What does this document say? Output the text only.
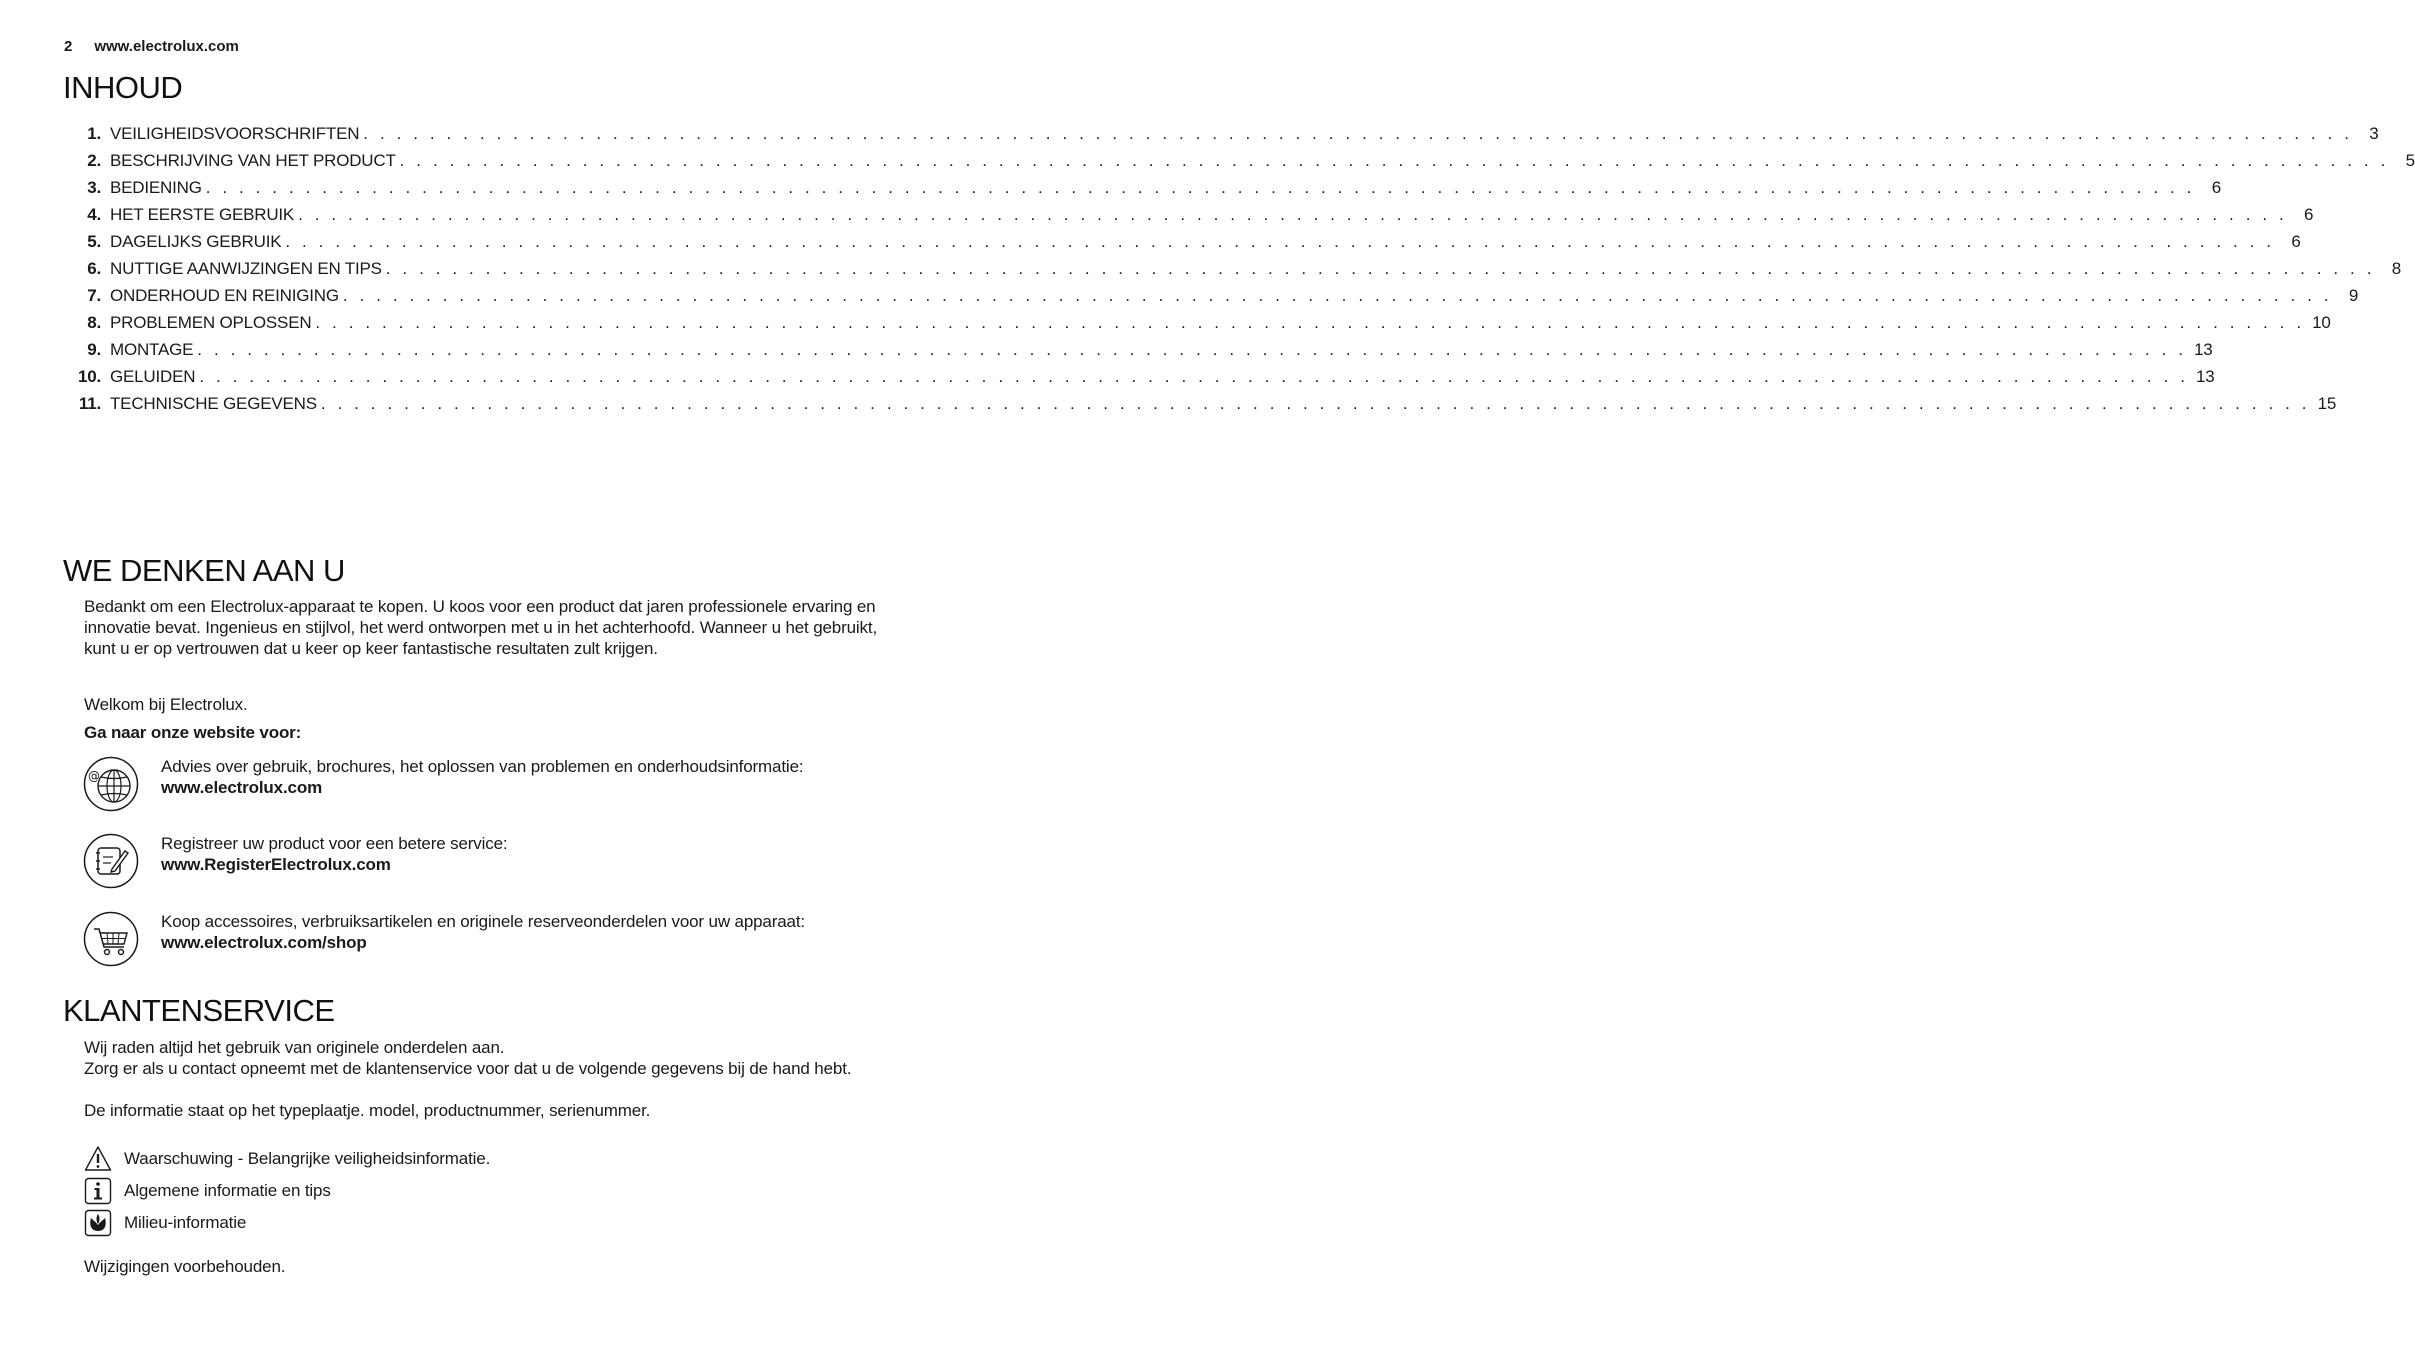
2 www.electrolux.com
INHOUD
1. VEILIGHEIDSVOORSCHRIFTEN . . . . . . . . . . . . . . . . . . . . . . . . . . . . . . . . . . . . . . . . . . . . . . . . . . . . . . . . . . . . . . . . . . . . . . . . . . . . . . . . . . . . . . . . . . . . . . . . . . . . . . . . . . . . . . . . . . . . . . . . 3
2. BESCHRIJVING VAN HET PRODUCT . . . . . . . . . . . . . . . . . . . . . . . . . . . . . . . . . . . . . . . . . . . . . . . . . . . . . . . . . . . . . . . . . . . . . . . . . . . . . . . . . . . . . . . . . . . . . . . . . . . . . . . . . . . . . . . . . . . . . . . . 5
3. BEDIENING . . . . . . . . . . . . . . . . . . . . . . . . . . . . . . . . . . . . . . . . . . . . . . . . . . . . . . . . . . . . . . . . . . . . . . . . . . . . . . . . . . . . . . . . . . . . . . . . . . . . . . . . . . . . . . . . . . . . . . . . 6
4. HET EERSTE GEBRUIK . . . . . . . . . . . . . . . . . . . . . . . . . . . . . . . . . . . . . . . . . . . . . . . . . . . . . . . . . . . . . . . . . . . . . . . . . . . . . . . . . . . . . . . . . . . . . . . . . . . . . . . . . . . . . . . . . . . . . . . . 6
5. DAGELIJKS GEBRUIK . . . . . . . . . . . . . . . . . . . . . . . . . . . . . . . . . . . . . . . . . . . . . . . . . . . . . . . . . . . . . . . . . . . . . . . . . . . . . . . . . . . . . . . . . . . . . . . . . . . . . . . . . . . . . . . . . . . . . . . . 6
6. NUTTIGE AANWIJZINGEN EN TIPS . . . . . . . . . . . . . . . . . . . . . . . . . . . . . . . . . . . . . . . . . . . . . . . . . . . . . . . . . . . . . . . . . . . . . . . . . . . . . . . . . . . . . . . . . . . . . . . . . . . . . . . . . . . . . . . . . . . . . . . . 8
7. ONDERHOUD EN REINIGING . . . . . . . . . . . . . . . . . . . . . . . . . . . . . . . . . . . . . . . . . . . . . . . . . . . . . . . . . . . . . . . . . . . . . . . . . . . . . . . . . . . . . . . . . . . . . . . . . . . . . . . . . . . . . . . . . . . . . . . . 9
8. PROBLEMEN OPLOSSEN . . . . . . . . . . . . . . . . . . . . . . . . . . . . . . . . . . . . . . . . . . . . . . . . . . . . . . . . . . . . . . . . . . . . . . . . . . . . . . . . . . . . . . . . . . . . . . . . . . . . . . . . . . . . . . . . . . . . . . . . 10
9. MONTAGE . . . . . . . . . . . . . . . . . . . . . . . . . . . . . . . . . . . . . . . . . . . . . . . . . . . . . . . . . . . . . . . . . . . . . . . . . . . . . . . . . . . . . . . . . . . . . . . . . . . . . . . . . . . . . . . . . . . . . . . . 13
10. GELUIDEN . . . . . . . . . . . . . . . . . . . . . . . . . . . . . . . . . . . . . . . . . . . . . . . . . . . . . . . . . . . . . . . . . . . . . . . . . . . . . . . . . . . . . . . . . . . . . . . . . . . . . . . . . . . . . . . . . . . . . . . . 13
11. TECHNISCHE GEGEVENS . . . . . . . . . . . . . . . . . . . . . . . . . . . . . . . . . . . . . . . . . . . . . . . . . . . . . . . . . . . . . . . . . . . . . . . . . . . . . . . . . . . . . . . . . . . . . . . . . . . . . . . . . . . . . . . . . . . . . . . . 15
WE DENKEN AAN U

Bedankt om een Electrolux-apparaat te kopen. U koos voor een product dat jaren professionele ervaring en innovatie bevat. Ingenieus en stijlvol, het werd ontworpen met u in het achterhoofd. Wanneer u het gebruikt, kunt u er op vertrouwen dat u keer op keer fantastische resultaten zult krijgen.

Welkom bij Electrolux.

Ga naar onze website voor:

@	Advies over gebruik, brochures, het oplossen van problemen en onderhoudsinformatie:
www.electrolux.com
Registreer uw product voor een betere service:
www.RegisterElectrolux.com
Koop accessoires, verbruiksartikelen en originele reserveonderdelen voor uw apparaat:
www.electrolux.com/shop
KLANTENSERVICE

Wij raden altijd het gebruik van originele onderdelen aan.

Zorg er als u contact opneemt met de klantenservice voor dat u de volgende gegevens bij de hand hebt.

De informatie staat op het typeplaatje. model, productnummer, serienummer.

Waarschuwing - Belangrijke veiligheidsinformatie.
Algemene informatie en tips
Milieu-informatie

Wijzigingen voorbehouden.
